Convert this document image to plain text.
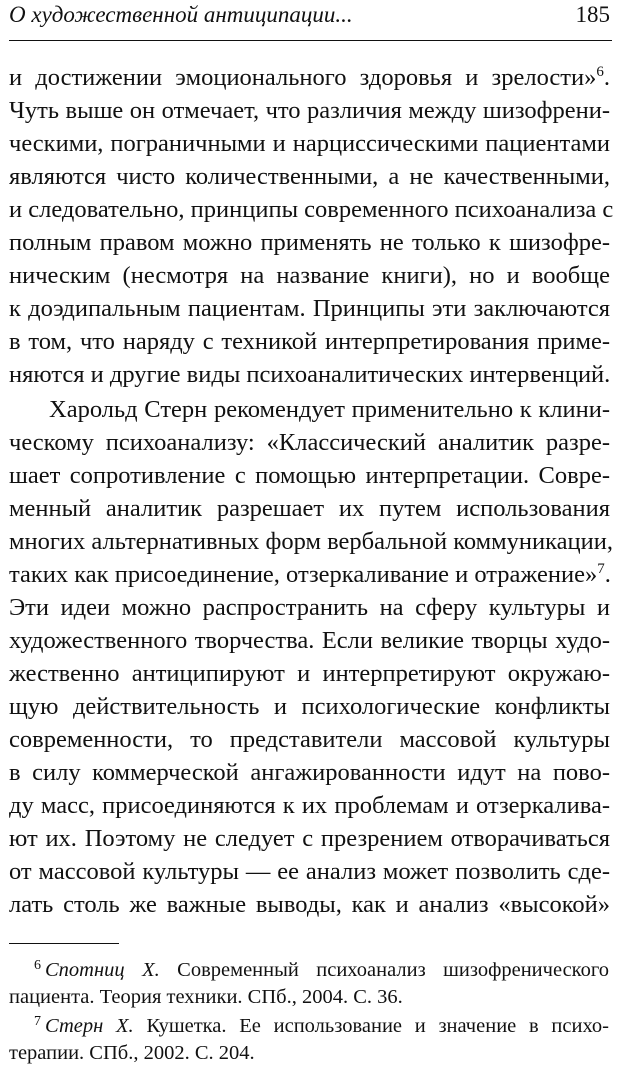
О художественной антиципации...	185
и достижении эмоционального здоровья и зрелости»$^6$.
Чуть выше он отмечает, что различия между шизофрени-
ческими, пограничными и нарциссическими пациентами
являются чисто количественными, а не качественными,
и следовательно, принципы современного психоанализа с
полным правом можно применять не только к шизофре-
ническим (несмотря на название книги), но и вообще
к доэдипальным пациентам. Принципы эти заключаются
в том, что наряду с техникой интерпретирования приме-
няются и другие виды психоаналитических интервенций.
Харольд Стерн рекомендует применительно к клини-
ческому психоанализу: «Классический аналитик разре-
шает сопротивление с помощью интерпретации. Совре-
менный аналитик разрешает их путем использования
многих альтернативных форм вербальной коммуникации,
таких как присоединение, отзеркаливание и отражение»$^7$.
Эти идеи можно распространить на сферу культуры и
художественного творчества. Если великие творцы худо-
жественно антиципируют и интерпретируют окружаю-
щую действительность и психологические конфликты
современности, то представители массовой культуры
в силу коммерческой ангажированности идут на пово-
ду масс, присоединяются к их проблемам и отзеркалива-
ют их. Поэтому не следует с презрением отворачиваться
от массовой культуры — ее анализ может позволить сде-
лать столь же важные выводы, как и анализ «высокой»
$^6$ Спотниц Х. Современный психоанализ шизофренического
пациента. Теория техники. СПб., 2004. С. 36.
$^7$ Стерн Х. Кушетка. Ее использование и значение в психо-
терапии. СПб., 2002. С. 204.
